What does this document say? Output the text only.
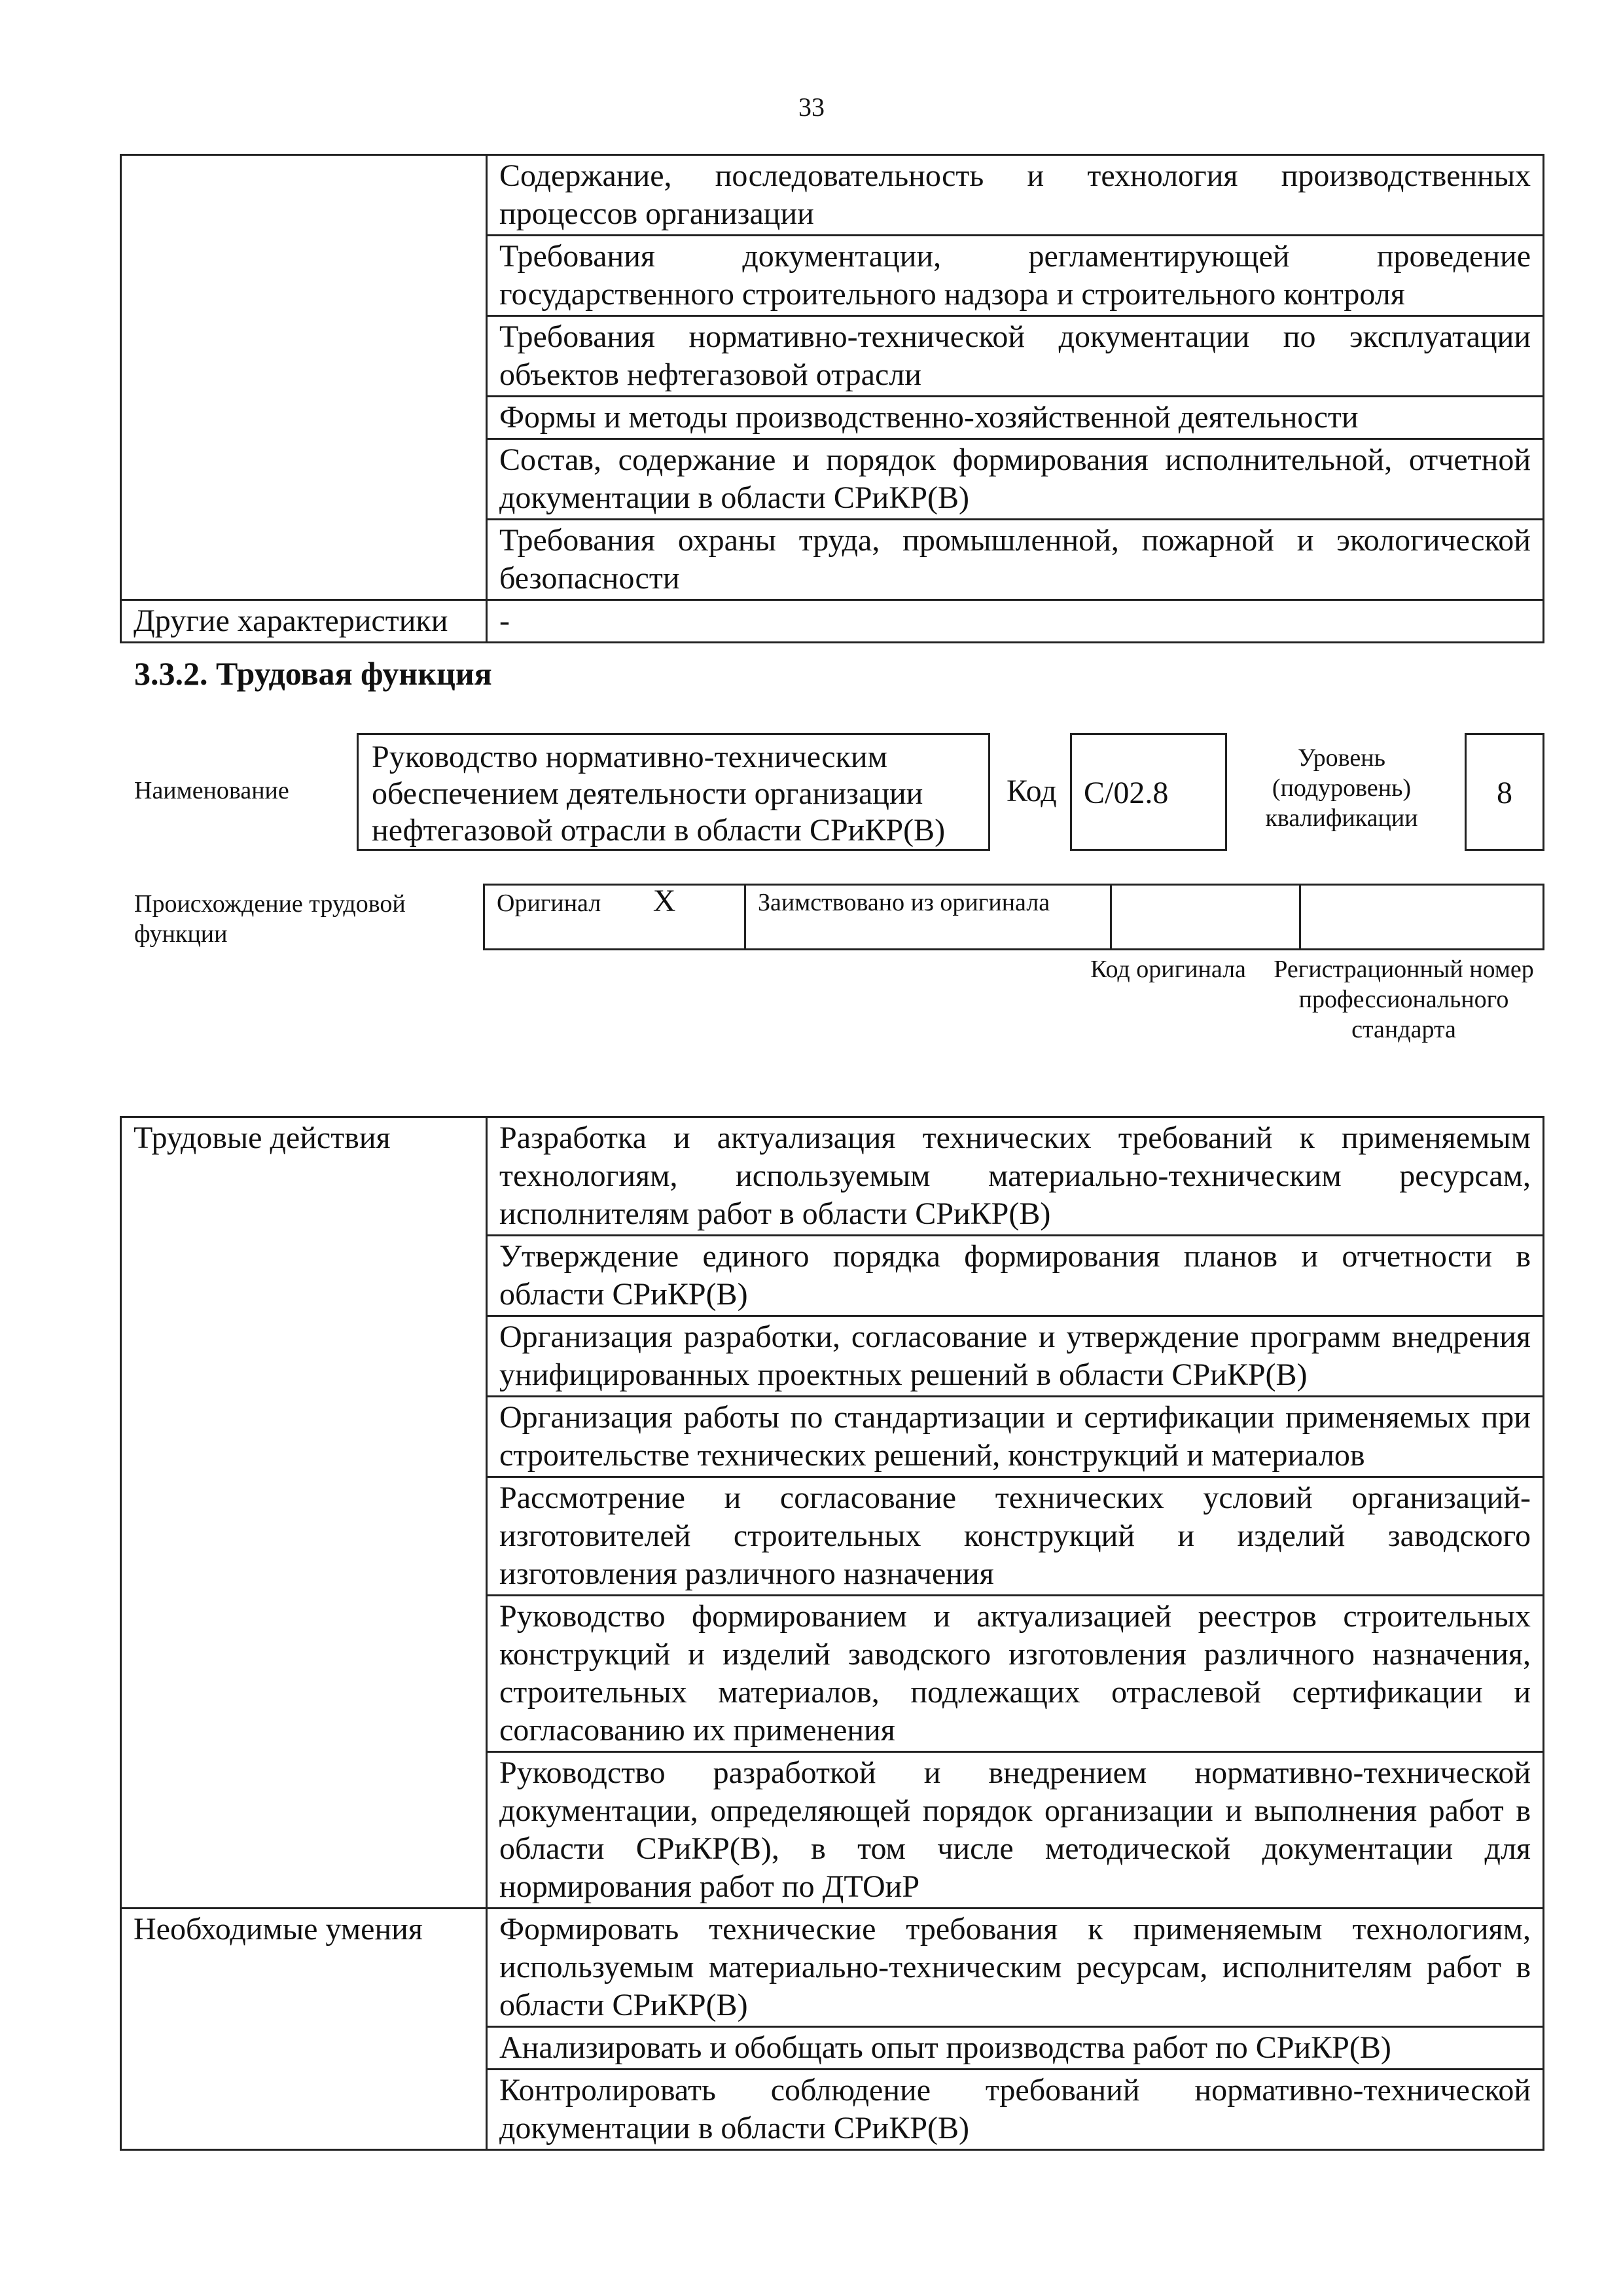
33
	Содержание, последовательность и технология производственных процессов организации
	Требования документации, регламентирующей проведение государственного строительного надзора и строительного контроля
	Требования нормативно-технической документации по эксплуатации объектов нефтегазовой отрасли
	Формы и методы производственно-хозяйственной деятельности
	Состав, содержание и порядок формирования исполнительной, отчетной документации в области СРиКР(В)
	Требования охраны труда, промышленной, пожарной и экологической безопасности
Другие характеристики	-
3.3.2. Трудовая функция
Наименование
Руководство нормативно-техническим обеспечением деятельности организации нефтегазовой отрасли в области СРиКР(В)
Код С/02.8
Уровень (подуровень) квалификации
8
Происхождение трудовой функции
Оригинал X	Заимствовано из оригинала		
Код оригинала	Регистрационный номер профессионального стандарта
Трудовые действия	Разработка и актуализация технических требований к применяемым технологиям, используемым материально-техническим ресурсам, исполнителям работ в области СРиКР(В)
	Утверждение единого порядка формирования планов и отчетности в области СРиКР(В)
	Организация разработки, согласование и утверждение программ внедрения унифицированных проектных решений в области СРиКР(В)
	Организация работы по стандартизации и сертификации применяемых при строительстве технических решений, конструкций и материалов
	Рассмотрение и согласование технических условий организаций-изготовителей строительных конструкций и изделий заводского изготовления различного назначения
	Руководство формированием и актуализацией реестров строительных конструкций и изделий заводского изготовления различного назначения, строительных материалов, подлежащих отраслевой сертификации и согласованию их применения
	Руководство разработкой и внедрением нормативно-технической документации, определяющей порядок организации и выполнения работ в области СРиКР(В), в том числе методической документации для нормирования работ по ДТОиР
Необходимые умения	Формировать технические требования к применяемым технологиям, используемым материально-техническим ресурсам, исполнителям работ в области СРиКР(В)
	Анализировать и обобщать опыт производства работ по СРиКР(В)
	Контролировать соблюдение требований нормативно-технической документации в области СРиКР(В)
